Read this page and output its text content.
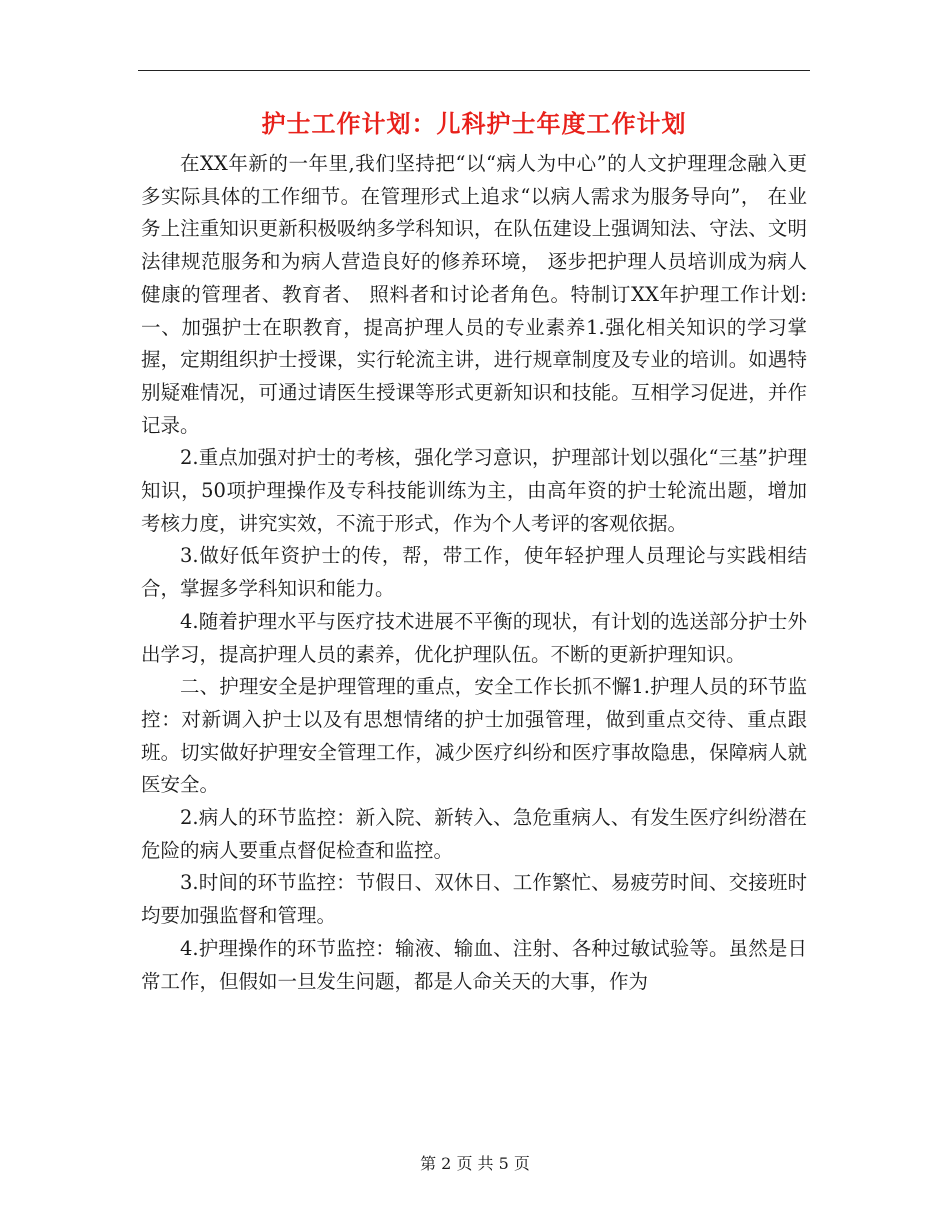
护士工作计划：儿科护士年度工作计划

在XX年新的一年里,我们坚持把“以“病人为中心”的人文护理理念融入更多实际具体的工作细节。在管理形式上追求“以病人需求为服务导向”， 在业务上注重知识更新积极吸纳多学科知识，在队伍建设上强调知法、守法、文明法律规范服务和为病人营造良好的修养环境， 逐步把护理人员培训成为病人健康的管理者、教育者、 照料者和讨论者角色。特制订XX年护理工作计划:一、加强护士在职教育，提高护理人员的专业素养1.强化相关知识的学习掌握，定期组织护士授课，实行轮流主讲，进行规章制度及专业的培训。如遇特别疑难情况，可通过请医生授课等形式更新知识和技能。互相学习促进，并作记录。

2.重点加强对护士的考核，强化学习意识，护理部计划以强化“三基”护理知识，50项护理操作及专科技能训练为主，由高年资的护士轮流出题，增加考核力度，讲究实效，不流于形式，作为个人考评的客观依据。

3.做好低年资护士的传，帮，带工作，使年轻护理人员理论与实践相结合，掌握多学科知识和能力。

4.随着护理水平与医疗技术进展不平衡的现状，有计划的选送部分护士外出学习，提高护理人员的素养，优化护理队伍。不断的更新护理知识。

二、护理安全是护理管理的重点，安全工作长抓不懈1.护理人员的环节监控：对新调入护士以及有思想情绪的护士加强管理，做到重点交待、重点跟班。切实做好护理安全管理工作，减少医疗纠纷和医疗事故隐患，保障病人就医安全。

2.病人的环节监控：新入院、新转入、急危重病人、有发生医疗纠纷潜在危险的病人要重点督促检查和监控。

3.时间的环节监控：节假日、双休日、工作繁忙、易疲劳时间、交接班时均要加强监督和管理。

4.护理操作的环节监控：输液、输血、注射、各种过敏试验等。虽然是日常工作，但假如一旦发生问题，都是人命关天的大事，作为

第 2 页 共 5 页
